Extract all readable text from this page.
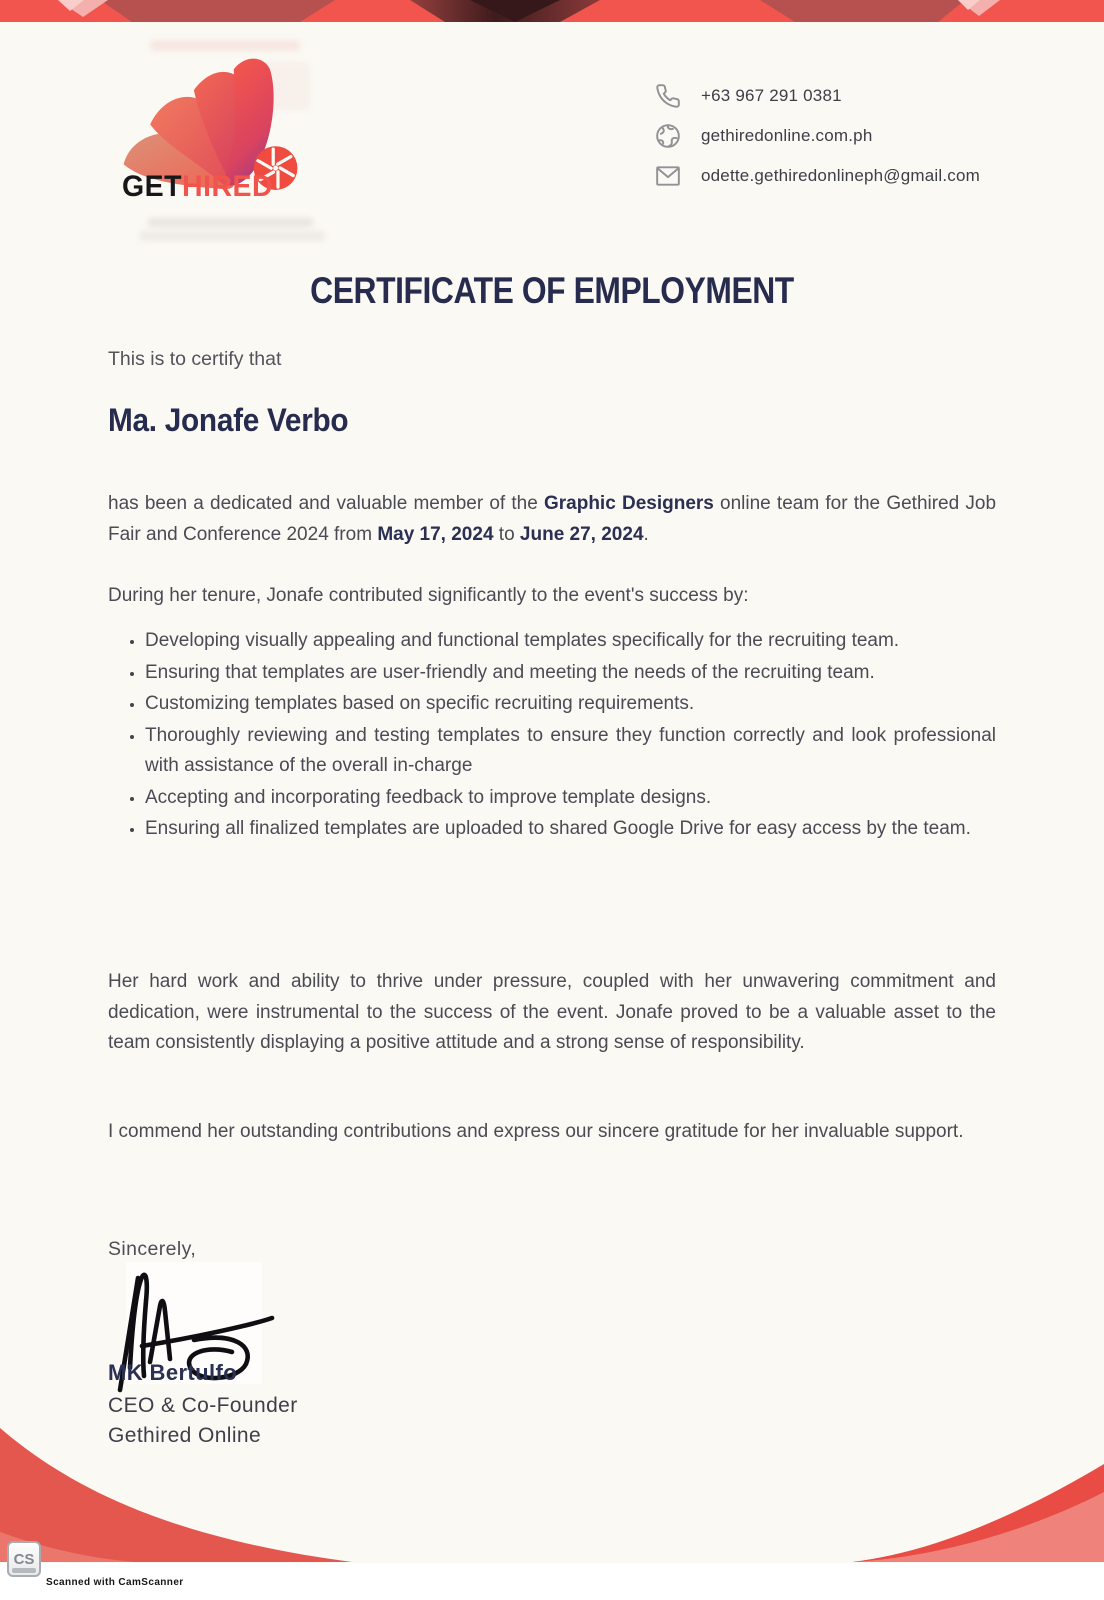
GETHIRED
+63 967 291 0381
gethiredonline.com.ph
odette.gethiredonlineph@gmail.com
CERTIFICATE OF EMPLOYMENT
This is to certify that
Ma. Jonafe Verbo

has been a dedicated and valuable member of the Graphic Designers online team for the Gethired Job Fair and Conference 2024 from May 17, 2024 to June 27, 2024.

During her tenure, Jonafe contributed significantly to the event's success by:
• Developing visually appealing and functional templates specifically for the recruiting team.
• Ensuring that templates are user-friendly and meeting the needs of the recruiting team.
• Customizing templates based on specific recruiting requirements.
• Thoroughly reviewing and testing templates to ensure they function correctly and look professional with assistance of the overall in-charge
• Accepting and incorporating feedback to improve template designs.
• Ensuring all finalized templates are uploaded to shared Google Drive for easy access by the team.

Her hard work and ability to thrive under pressure, coupled with her unwavering commitment and dedication, were instrumental to the success of the event. Jonafe proved to be a valuable asset to the team consistently displaying a positive attitude and a strong sense of responsibility.

I commend her outstanding contributions and express our sincere gratitude for her invaluable support.

Sincerely,
MK Bertulfo
CEO & Co-Founder
Gethired Online
CS
Scanned with CamScanner
